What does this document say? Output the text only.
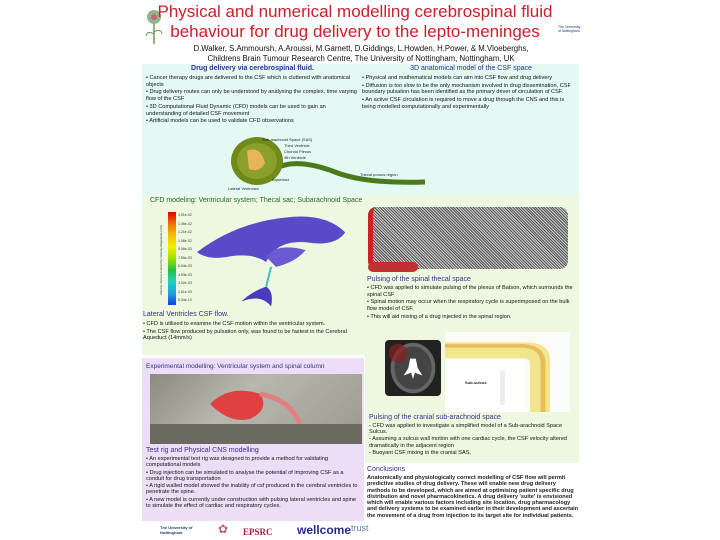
Physical and numerical modelling cerebrospinal fluid
behaviour for drug delivery to the lepto-meninges	The University of Nottingham
D.Walker, S.Ammoursh, A.Aroussi, M.Garnett, D.Giddings, L.Howden, H.Power, & M.Vloeberghs,
Childrens Brain Tumour Research Centre, The University of Nottingham, Nottingham, UK
Drug delivery via cerebrospinal fluid.

• Cancer therapy drugs are delivered to the CSF which is cluttered with anatomical objects

• Drug delivery routes can only be understood by analysing the complex, time varying flow of the CSF

• 3D Computational Fluid Dynamic (CFD) models can be used to gain an understanding of detailed CSF movement

• Artificial models can be used to validate CFD observations

3D anatomical model of the CSF space

• Physical and mathematical models can aim into CSF flow and drug delivery

• Diffusion is too slow to be the only mechanism involved in drug dissemination, CSF boundary pulsation has been identified as the primary driver of circulation of CSF.

• An active CSF circulation is required to move a drug through the CNS and this is being modelled computationally and experimentally

Sub-arachnoid Space (SAS)
Third Ventricle
Choroid Plexus
4th Ventricle
Aqueduct
Lateral Ventricles
Thecal porous region
CFD modeling: Ventricular system; Thecal sac; Subarachnoid Space
1.51e-02
1.36e-02
1.21e-02
1.06e-02
9.06e-03
7.55e-03
6.04e-03
4.53e-03
3.02e-03
1.51e-03
5.34e-10
Velocity Vectors Colored by Velocity Magnitude (m/s)
Lateral Ventricles CSF flow.

• CFD is utilised to examine the CSF motion within the ventricular system.

• The CSF flow produced by pulsation only, was found to be fastest in the Cerebral Aqueduct (14mm/s)

Pulsing of the spinal thecal space

• CFD was applied to simulate pulsing of the plexus of Batson, which surrounds the spinal CSF

• Spinal motion may occur when the respiratory cycle is superimposed on the bulk flow model of CSF.

• This will aid mixing of a drug injected in the spinal region.

Sub-sulcus
Pulsing of the cranial sub-arachnoid space

- CFD was applied to investigate a simplified model of a Sub-arachnoid Space Sulcus.

- Assuming a sulcus wall motion with one cardiac cycle, the CSF velocity altered dramatically in the adjacent region

- Buoyant CSF mixing in the cranial SAS.

Experimental modelling: Ventricular system and spinal column
Test rig and Physical CNS modelling

• An experimental test rig was designed to provide a method for validating computational models

• Drug injection can be simulated to analyse the potential of improving CSF as a conduit for drug transportation

• A rigid walled model showed the inability of csf produced in the cerebral ventricles to penetrate the spine.

• A new model is currently under construction with pulsing lateral ventricles and spine to simulate the effect of cardiac and respiratory cycles.

Conclusions
Anatomically and physiologically correct modelling of CSF flow will permit predictive studies of drug delivery. These will enable new drug delivery methods to be developed, which are aimed at optimising patient specific drug distribution and novel pharmacokinetics. A drug delivery 'suite' is envisioned which will enable various factors including site location, drug pharmacology and delivery systems to be examined earlier in their development and ascertain the movement of a drug from injection to its target site for individual patients.
The University of Nottingham	✿ EPSRC wellcome$^{trust}$
